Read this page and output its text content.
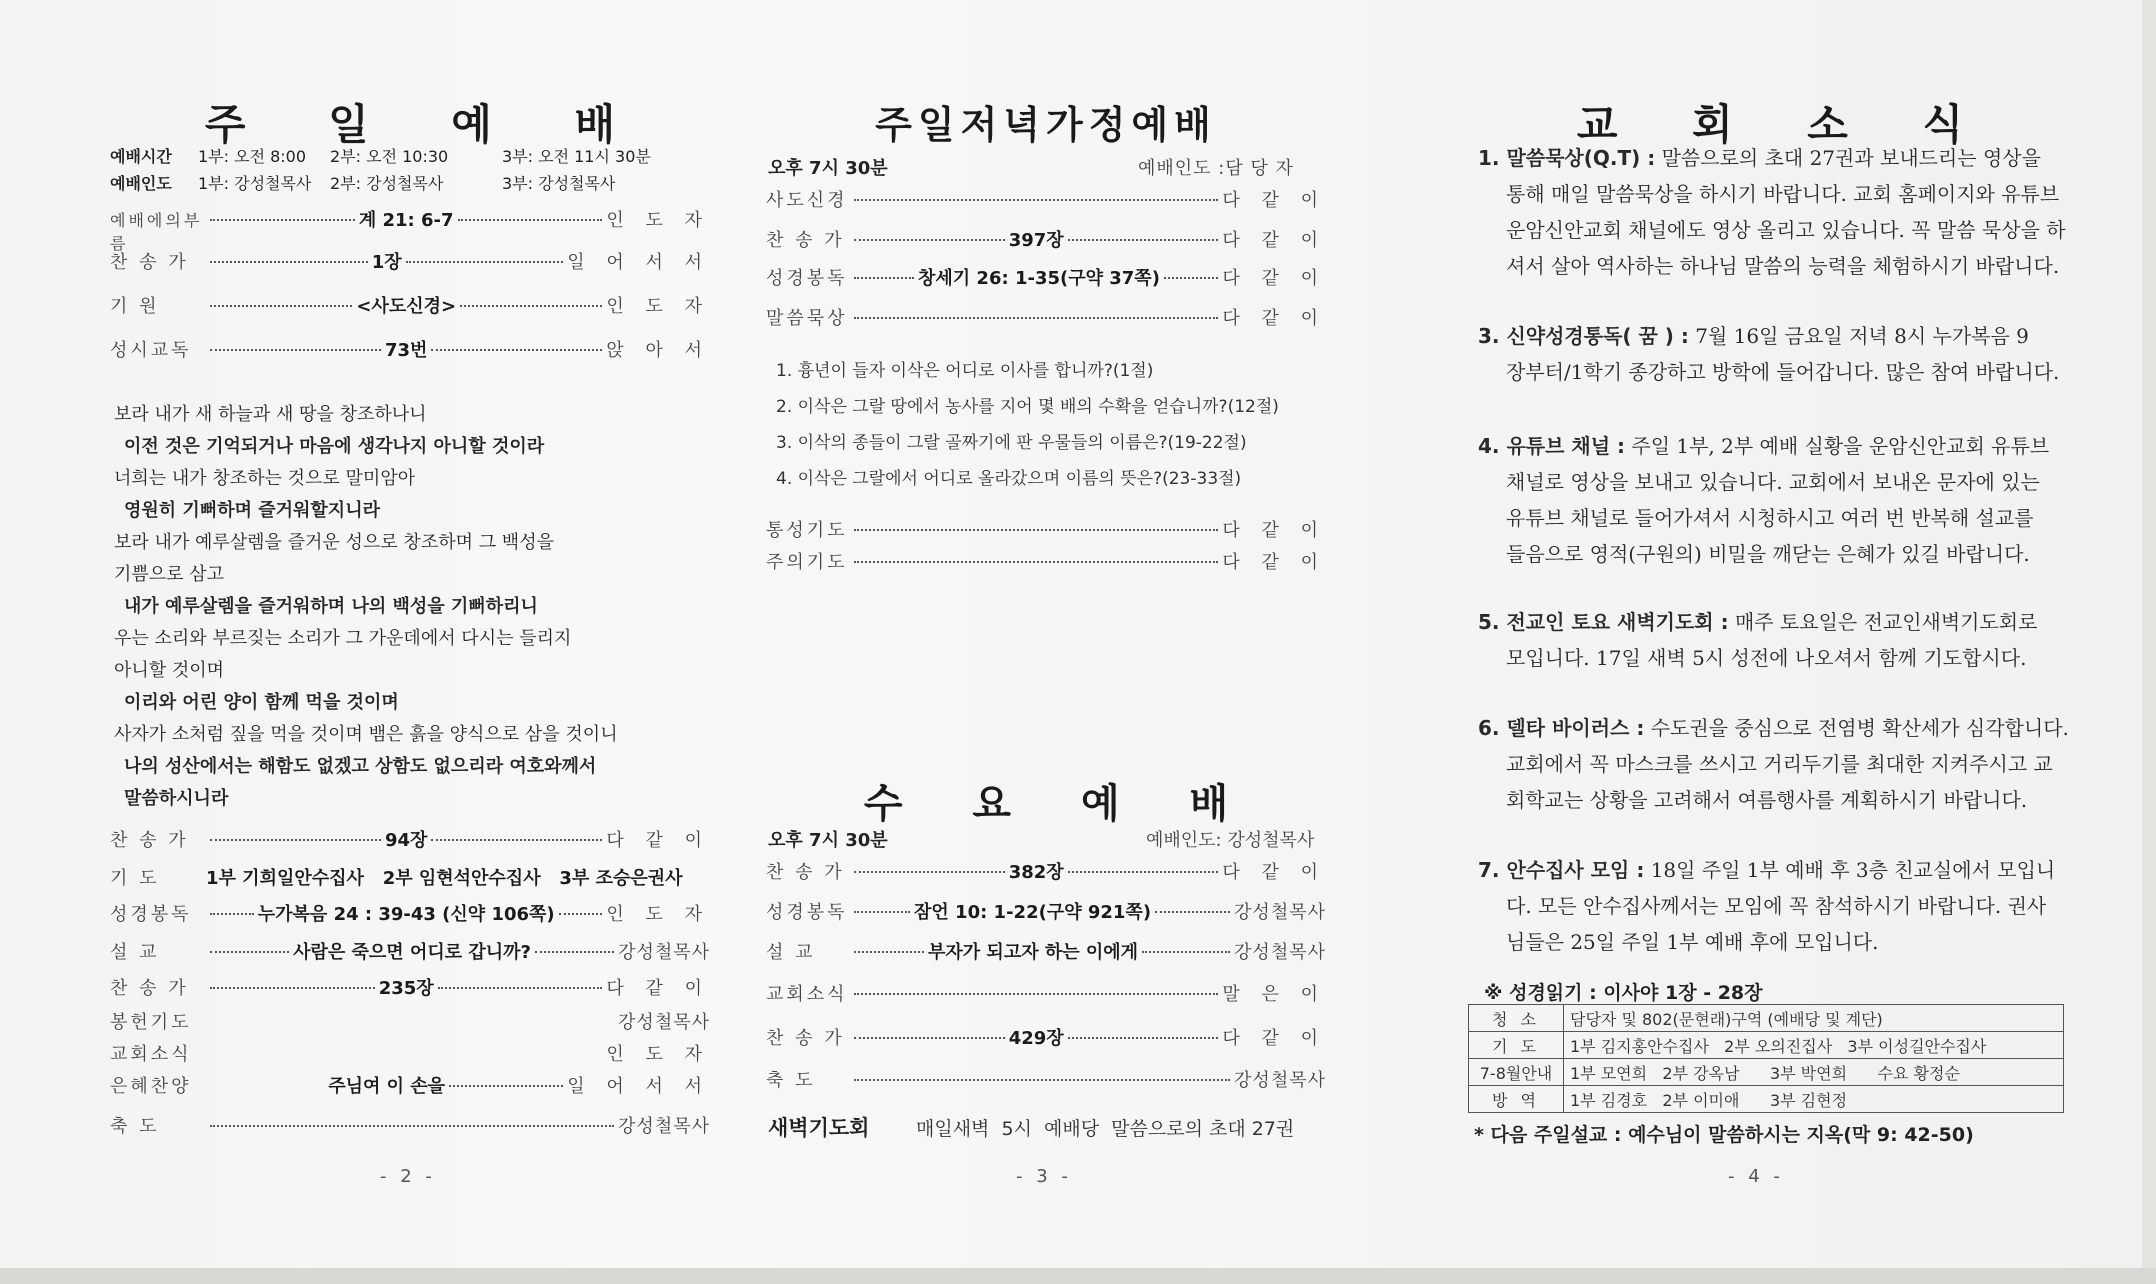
주 일 예 배
예배시간 1부: 오전 8:00 2부: 오전 10:30	3부: 오전 11시 30분
예배인도 1부: 강성철목사 2부: 강성철목사	3부: 강성철목사
예배에의부름
계 21: 6-7	인 도 자
찬 송 가	1장	일 어 서 서
기 원	<사도신경>	인 도 자
성시교독	73번	앉 아 서
보라 내가 새 하늘과 새 땅을 창조하나니
이전 것은 기억되거나 마음에 생각나지 아니할 것이라
너희는 내가 창조하는 것으로 말미암아
영원히 기뻐하며 즐거워할지니라
보라 내가 예루살렘을 즐거운 성으로 창조하며 그 백성을
기쁨으로 삼고
내가 예루살렘을 즐거워하며 나의 백성을 기뻐하리니
우는 소리와 부르짖는 소리가 그 가운데에서 다시는 들리지
아니할 것이며
이리와 어린 양이 함께 먹을 것이며
사자가 소처럼 짚을 먹을 것이며 뱀은 흙을 양식으로 삼을 것이니
나의 성산에서는 해함도 없겠고 상함도 없으리라 여호와께서
말씀하시니라
찬 송 가	94장	다 같 이
기 도	1부 기희일안수집사   2부 임현석안수집사   3부 조승은권사
성경봉독	누가복음 24 : 39-43 (신약 106쪽)	인 도 자
설 교	사람은 죽으면 어디로 갑니까?	강성철목사
찬 송 가	235장	다 같 이
봉헌기도	강성철목사
교회소식	인 도 자
은혜찬양	주님여 이 손을	일 어 서 서
축 도	강성철목사
- 2 -
주일저녁가정예배
오후 7시 30분	예배인도 :담 당 자
사도신경	다 같 이
찬 송 가	397장	다 같 이
성경봉독	창세기 26: 1-35(구약 37쪽)	다 같 이
말씀묵상	다 같 이
1. 흉년이 들자 이삭은 어디로 이사를 합니까?(1절)
2. 이삭은 그랄 땅에서 농사를 지어 몇 배의 수확을 얻습니까?(12절)
3. 이삭의 종들이 그랄 골짜기에 판 우물들의 이름은?(19-22절)
4. 이삭은 그랄에서 어디로 올라갔으며 이름의 뜻은?(23-33절)
통성기도	다 같 이
주의기도	다 같 이
수 요 예 배
오후 7시 30분	예배인도: 강성철목사
찬 송 가	382장	다 같 이
성경봉독	잠언 10: 1-22(구약 921쪽)	강성철목사
설 교	부자가 되고자 하는 이에게	강성철목사
교회소식	말 은 이
찬 송 가	429장	다 같 이
축 도	강성철목사
새벽기도회 매일새벽  5시  예배당  말씀으로의 초대 27권
- 3 -
교 회 소 식
1. 말씀묵상(Q.T) : 말씀으로의 초대 27권과 보내드리는 영상을
통해 매일 말씀묵상을 하시기 바랍니다. 교회 홈페이지와 유튜브
운암신안교회 채널에도 영상 올리고 있습니다. 꼭 말씀 묵상을 하
셔서 살아 역사하는 하나님 말씀의 능력을 체험하시기 바랍니다.
3. 신약성경통독( 꿈 ) : 7월 16일 금요일 저녁 8시 누가복음 9
장부터/1학기 종강하고 방학에 들어갑니다. 많은 참여 바랍니다.
4. 유튜브 채널 : 주일 1부, 2부 예배 실황을 운암신안교회 유튜브
채널로 영상을 보내고 있습니다. 교회에서 보내온 문자에 있는
유튜브 채널로 들어가셔서 시청하시고 여러 번 반복해 설교를
들음으로 영적(구원의) 비밀을 깨닫는 은혜가 있길 바랍니다.
5. 전교인 토요 새벽기도회 : 매주 토요일은 전교인새벽기도회로
모입니다. 17일 새벽 5시 성전에 나오셔서 함께 기도합시다.
6. 델타 바이러스 : 수도권을 중심으로 전염병 확산세가 심각합니다.
교회에서 꼭 마스크를 쓰시고 거리두기를 최대한 지켜주시고 교
회학교는 상황을 고려해서 여름행사를 계획하시기 바랍니다.
7. 안수집사 모임 : 18일 주일 1부 예배 후 3층 친교실에서 모입니
다. 모든 안수집사께서는 모임에 꼭 참석하시기 바랍니다. 권사
님들은 25일 주일 1부 예배 후에 모입니다.
※ 성경읽기 : 이사야 1장 - 28장
* 다음 주일설교 : 예수님이 말씀하시는 지옥(막 9: 42-50)
- 4 -
청 소	담당자 및 802(문현래)구역 (예배당 및 계단)
기 도	1부 김지홍안수집사   2부 오의진집사   3부 이성길안수집사
7-8월안내	1부 모연희   2부 강옥남      3부 박연희      수요 황정순
방 역	1부 김경호   2부 이미애      3부 김현정
